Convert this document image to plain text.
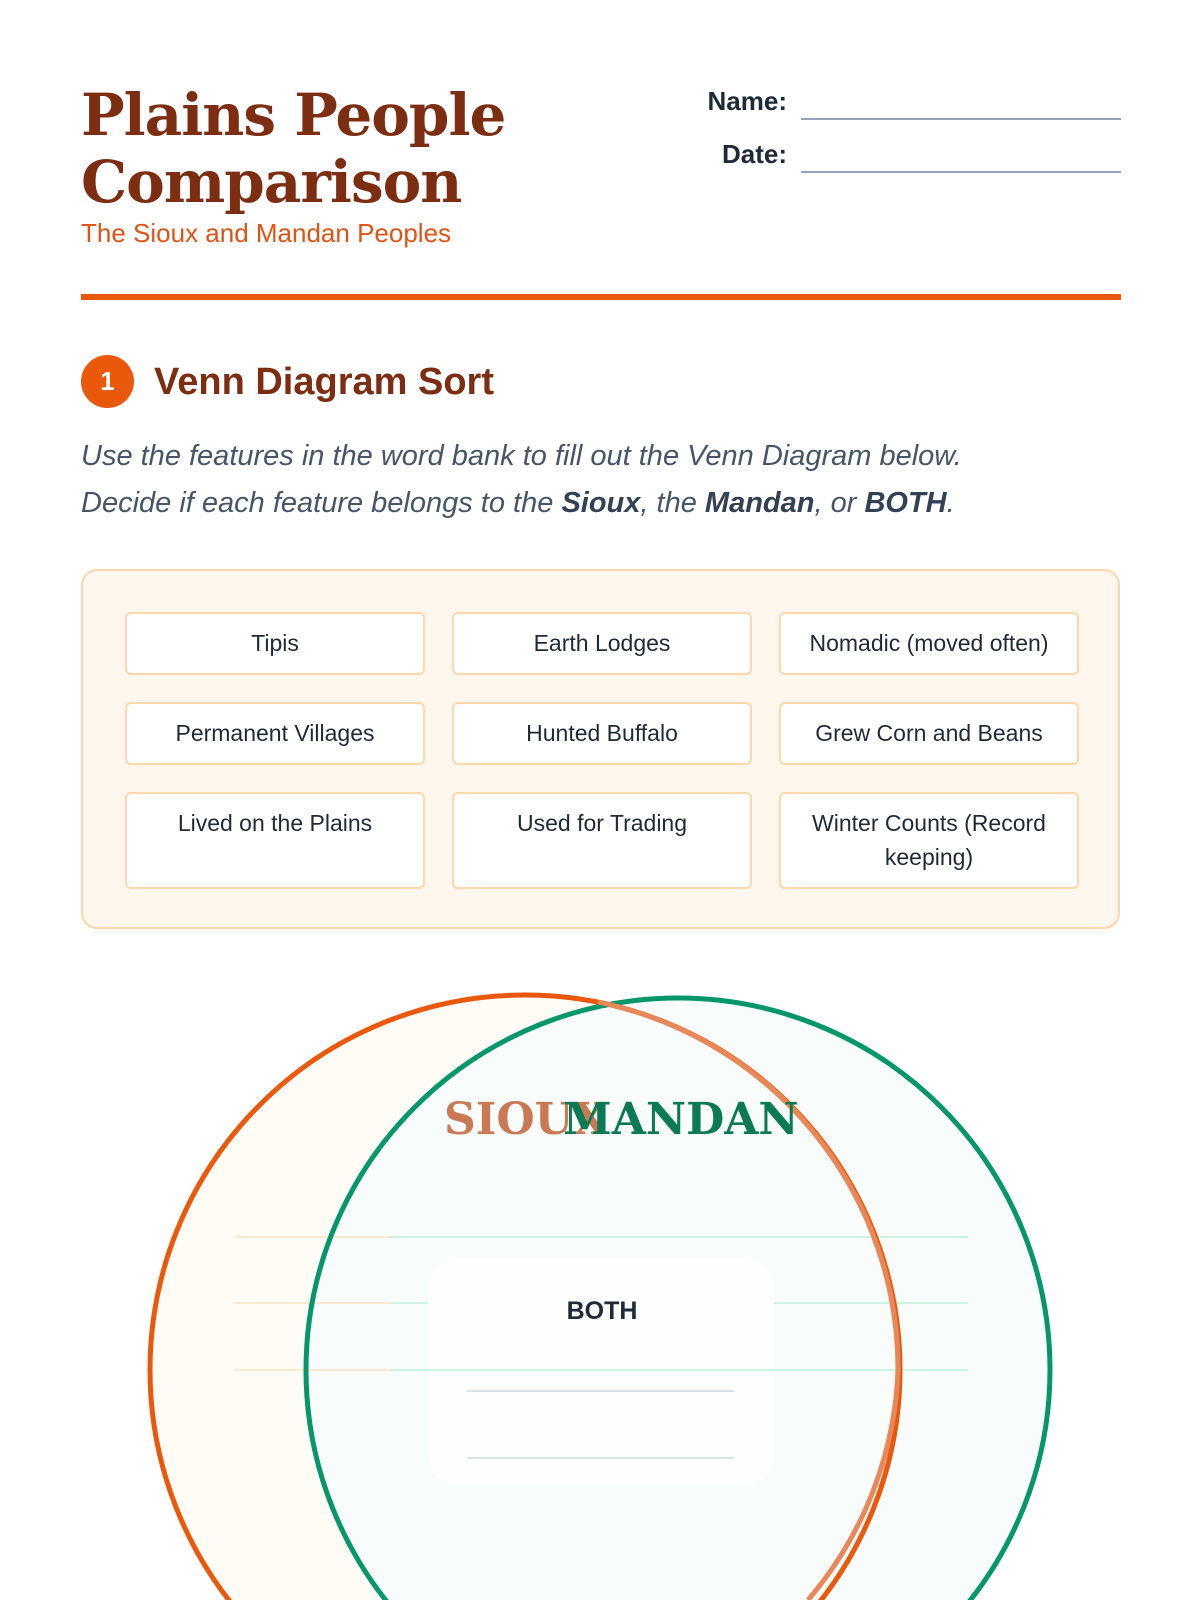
Plains People Comparison

The Sioux and Mandan Peoples

Name:
Date:
1	Venn Diagram Sort

Use the features in the word bank to fill out the Venn Diagram below.
Decide if each feature belongs to the Sioux, the Mandan, or BOTH.

Tipis	Earth Lodges	Nomadic (moved often)
Permanent Villages	Hunted Buffalo	Grew Corn and Beans
Lived on the Plains	Used for Trading	Winter Counts (Record keeping)
SIOUX
MANDAN
BOTH
